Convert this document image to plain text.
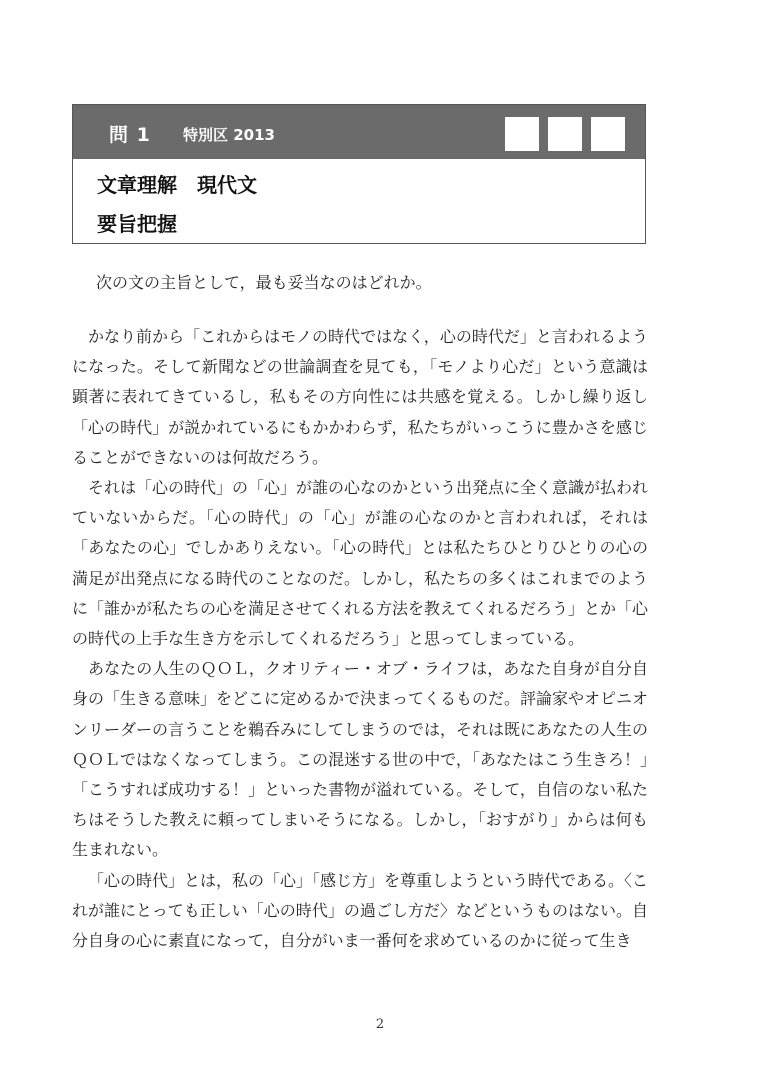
問 1 特別区 2013
文章理解　現代文
要旨把握
次の文の主旨として，最も妥当なのはどれか。

かなり前から「これからはモノの時代ではなく，心の時代だ」と言われるようになった。そして新聞などの世論調査を見ても，「モノより心だ」という意識は顕著に表れてきているし，私もその方向性には共感を覚える。しかし繰り返し「心の時代」が説かれているにもかかわらず，私たちがいっこうに豊かさを感じることができないのは何故だろう。

それは「心の時代」の「心」が誰の心なのかという出発点に全く意識が払われていないからだ。「心の時代」の「心」が誰の心なのかと言われれば，それは「あなたの心」でしかありえない。「心の時代」とは私たちひとりひとりの心の満足が出発点になる時代のことなのだ。しかし，私たちの多くはこれまでのように「誰かが私たちの心を満足させてくれる方法を教えてくれるだろう」とか「心の時代の上手な生き方を示してくれるだろう」と思ってしまっている。

あなたの人生のＱＯＬ，クオリティー・オブ・ライフは，あなた自身が自分自身の「生きる意味」をどこに定めるかで決まってくるものだ。評論家やオピニオンリーダーの言うことを鵜呑みにしてしまうのでは，それは既にあなたの人生のＱＯＬではなくなってしまう。この混迷する世の中で，「あなたはこう生きろ！」「こうすれば成功する！」といった書物が溢れている。そして，自信のない私たちはそうした教えに頼ってしまいそうになる。しかし，「おすがり」からは何も生まれない。

「心の時代」とは，私の「心」「感じ方」を尊重しようという時代である。〈これが誰にとっても正しい「心の時代」の過ごし方だ〉などというものはない。自分自身の心に素直になって，自分がいま一番何を求めているのかに従って生き

2
